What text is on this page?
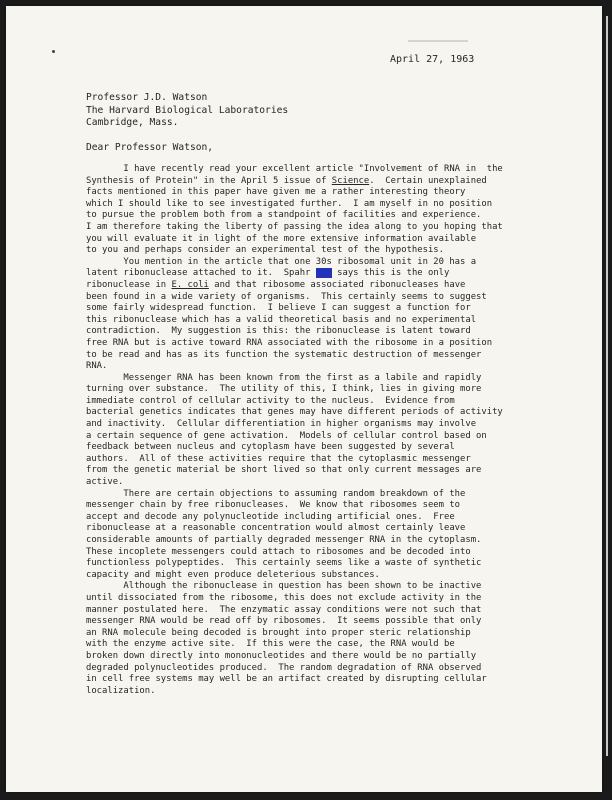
April 27, 1963
Professor J.D. Watson
The Harvard Biological Laboratories
Cambridge, Mass.
Dear Professor Watson,
I have recently read your excellent article "Involvement of RNA in  the
Synthesis of Protein" in the April 5 issue of Science.  Certain unexplained
facts mentioned in this paper have given me a rather interesting theory
which I should like to see investigated further.  I am myself in no position
to pursue the problem both from a standpoint of facilities and experience.
I am therefore taking the liberty of passing the idea along to you hoping that
you will evaluate it in light of the more extensive information available
to you and perhaps consider an experimental test of the hypothesis.
You mention in the article that one 30s ribosomal unit in 20 has a
latent ribonuclease attached to it.  Spahr xxx says this is the only
ribonuclease in E. coli and that ribosome associated ribonucleases have
been found in a wide variety of organisms.  This certainly seems to suggest
some fairly widespread function.  I believe I can suggest a function for
this ribonuclease which has a valid theoretical basis and no experimental
contradiction.  My suggestion is this: the ribonuclease is latent toward
free RNA but is active toward RNA associated with the ribosome in a position
to be read and has as its function the systematic destruction of messenger
RNA.
Messenger RNA has been known from the first as a labile and rapidly
turning over substance.  The utility of this, I think, lies in giving more
immediate control of cellular activity to the nucleus.  Evidence from
bacterial genetics indicates that genes may have different periods of activity
and inactivity.  Cellular differentiation in higher organisms may involve
a certain sequence of gene activation.  Models of cellular control based on
feedback between nucleus and cytoplasm have been suggested by several
authors.  All of these activities require that the cytoplasmic messenger
from the genetic material be short lived so that only current messages are
active.
There are certain objections to assuming random breakdown of the
messenger chain by free ribonucleases.  We know that ribosomes seem to
accept and decode any polynucleotide including artificial ones.  Free
ribonuclease at a reasonable concentration would almost certainly leave
considerable amounts of partially degraded messenger RNA in the cytoplasm.
These incoplete messengers could attach to ribosomes and be decoded into
functionless polypeptides.  This certainly seems like a waste of synthetic
capacity and might even produce deleterious substances.
Although the ribonuclease in question has been shown to be inactive
until dissociated from the ribosome, this does not exclude activity in the
manner postulated here.  The enzymatic assay conditions were not such that
messenger RNA would be read off by ribosomes.  It seems possible that only
an RNA molecule being decoded is brought into proper steric relationship
with the enzyme active site.  If this were the case, the RNA would be
broken down directly into mononucleotides and there would be no partially
degraded polynucleotides produced.  The random degradation of RNA observed
in cell free systems may well be an artifact created by disrupting cellular
localization.
